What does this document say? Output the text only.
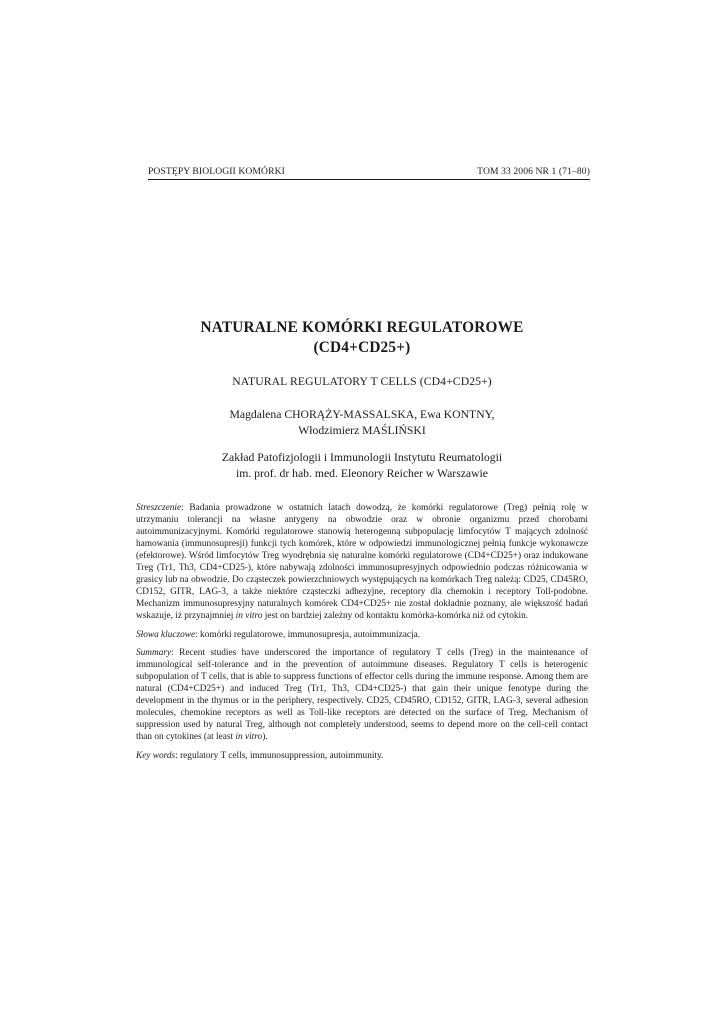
POSTĘPY BIOLOGII KOMÓRKI	TOM 33 2006 NR 1 (71–80)
NATURALNE KOMÓRKI REGULATOROWE
(CD4+CD25+)
NATURAL REGULATORY T CELLS (CD4+CD25+)
Magdalena CHORĄŻY-MASSALSKA, Ewa KONTNY,
Włodzimierz MAŚLIŃSKI
Zakład Patofizjologii i Immunologii Instytutu Reumatologii
im. prof. dr hab. med. Eleonory Reicher w Warszawie

Streszczenie: Badania prowadzone w ostatnich latach dowodzą, że komórki regulatorowe (Treg) pełnią rolę w utrzymaniu tolerancji na własne antygeny na obwodzie oraz w obronie organizmu przed chorobami autoimmunizacyjnymi. Komórki regulatorowe stanowią heterogenną subpopulację limfocytów T mających zdolność hamowania (immunosupresji) funkcji tych komórek, które w odpowiedzi immunologicznej pełnią funkcje wykonawcze (efektorowe). Wśród limfocytów Treg wyodrębnia się naturalne komórki regulatorowe (CD4+CD25+) oraz indukowane Treg (Tr1, Th3, CD4+CD25-), które nabywają zdolności immunosupresyjnych odpowiednio podczas różnicowania w grasicy lub na obwodzie. Do cząsteczek powierzchniowych występujących na komórkach Treg należą: CD25, CD45RO, CD152, GITR, LAG-3, a także niektóre cząsteczki adhezyjne, receptory dla chemokin i receptory Toll-podobne. Mechanizm immunosupresyjny naturalnych komórek CD4+CD25+ nie został dokładnie poznany, ale większość badań wskazuje, iż przynajmniej in vitro jest on bardziej zależny od kontaktu komórka-komórka niż od cytokin.

Słowa kluczowe: komórki regulatorowe, immunosupresja, autoimmunizacja.

Summary: Recent studies have underscored the importance of regulatory T cells (Treg) in the maintenance of immunological self-tolerance and in the prevention of autoimmune diseases. Regulatory T cells is heterogenic subpopulation of T cells, that is able to suppress functions of effector cells during the immune response. Among them are natural (CD4+CD25+) and induced Treg (Tr1, Th3, CD4+CD25-) that gain their unique fenotype during the development in the thymus or in the periphery, respectively. CD25, CD45RO, CD152, GITR, LAG-3, several adhesion molecules, chemokine receptors as well as Toll-like receptors are detected on the surface of Treg. Mechanism of suppression used by natural Treg, although not completely understood, seems to depend more on the cell-cell contact than on cytokines (at least in vitro).

Key words: regulatory T cells, immunosuppression, autoimmunity.
